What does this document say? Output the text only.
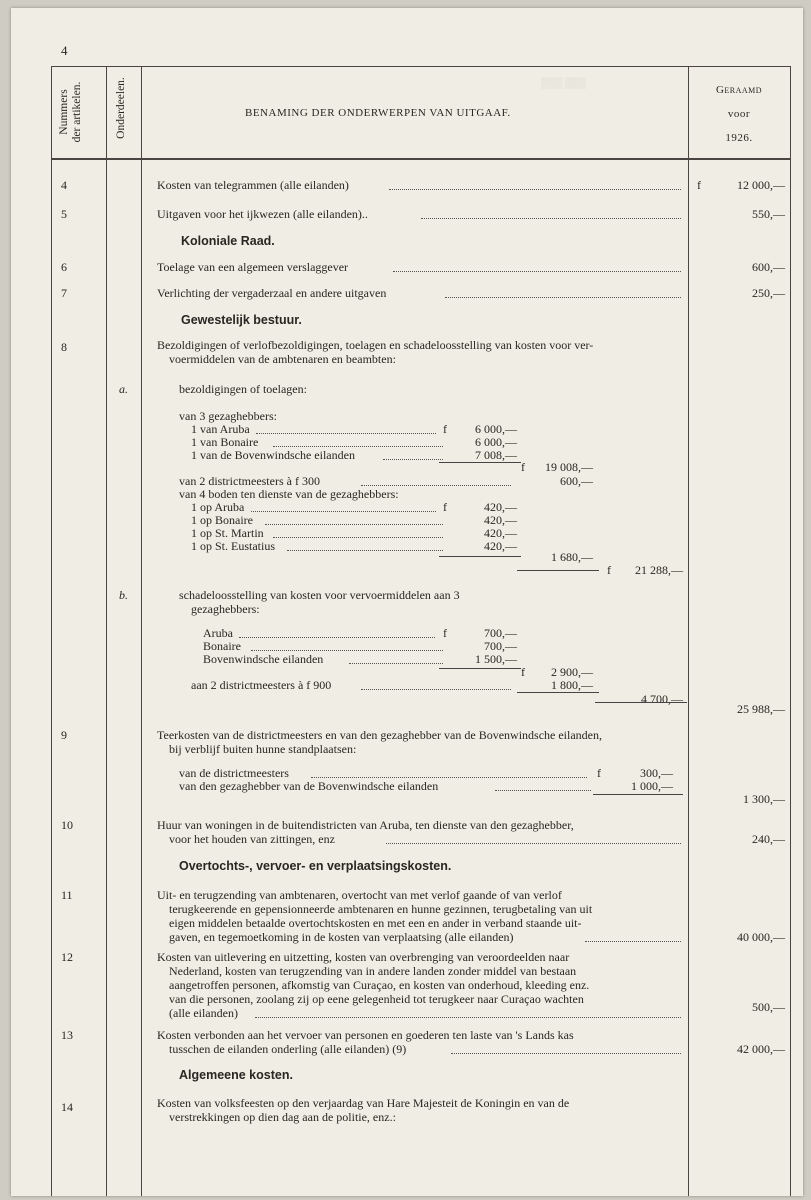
4
Nummers der artikelen.	Onderdeelen.	BENAMING DER ONDERWERPEN VAN UITGAAF.
Geraamd
voor
1926.
▒▒▒ ▒▒▒
4	Kosten van telegrammen (alle eilanden)	f	12 000,—
5	Uitgaven voor het ijkwezen (alle eilanden)..	550,—
Koloniale Raad.
6	Toelage van een algemeen verslaggever	600,—
7	Verlichting der vergaderzaal en andere uitgaven	250,—
Gewestelijk bestuur.
8	Bezoldigingen of verlofbezoldigingen, toelagen en schadeloosstelling van kosten voor ver-
voermiddelen van de ambtenaren en beambten:
a.	bezoldigingen of toelagen:
van 3 gezaghebbers:
1 van Aruba	f	6 000,—
1 van Bonaire	6 000,—
1 van de Bovenwindsche eilanden	7 008,—
f	19 008,—
van 2 districtmeesters à f 300	600,—
van 4 boden ten dienste van de gezaghebbers:
1 op Aruba	f	420,—
1 op Bonaire	420,—
1 op St. Martin	420,—
1 op St. Eustatius	420,—
1 680,—
f	21 288,—
b.	schadeloosstelling van kosten voor vervoermiddelen aan 3
gezaghebbers:
Aruba	f	700,—
Bonaire	700,—
Bovenwindsche eilanden	1 500,—
f	2 900,—
aan 2 districtmeesters à f 900	1 800,—
4 700,—
25 988,—
9	Teerkosten van de districtmeesters en van den gezaghebber van de Bovenwindsche eilanden,
bij verblijf buiten hunne standplaatsen:
van de districtmeesters	f	300,—
van den gezaghebber van de Bovenwindsche eilanden	1 000,—
1 300,—
10	Huur van woningen in de buitendistricten van Aruba, ten dienste van den gezaghebber,
voor het houden van zittingen, enz	240,—
Overtochts-, vervoer- en verplaatsingskosten.
11	Uit- en terugzending van ambtenaren, overtocht van met verlof gaande of van verlof
terugkeerende en gepensionneerde ambtenaren en hunne gezinnen, terugbetaling van uit
eigen middelen betaalde overtochtskosten en met een en ander in verband staande uit-
gaven, en tegemoetkoming in de kosten van verplaatsing (alle eilanden)	40 000,—
12	Kosten van uitlevering en uitzetting, kosten van overbrenging van veroordeelden naar
Nederland, kosten van terugzending van in andere landen zonder middel van bestaan
aangetroffen personen, afkomstig van Curaçao, en kosten van onderhoud, kleeding enz.
van die personen, zoolang zij op eene gelegenheid tot terugkeer naar Curaçao wachten
(alle eilanden)	500,—
13	Kosten verbonden aan het vervoer van personen en goederen ten laste van 's Lands kas
tusschen de eilanden onderling (alle eilanden) (9)	42 000,—
Algemeene kosten.
14	Kosten van volksfeesten op den verjaardag van Hare Majesteit de Koningin en van de
verstrekkingen op dien dag aan de politie, enz.:
